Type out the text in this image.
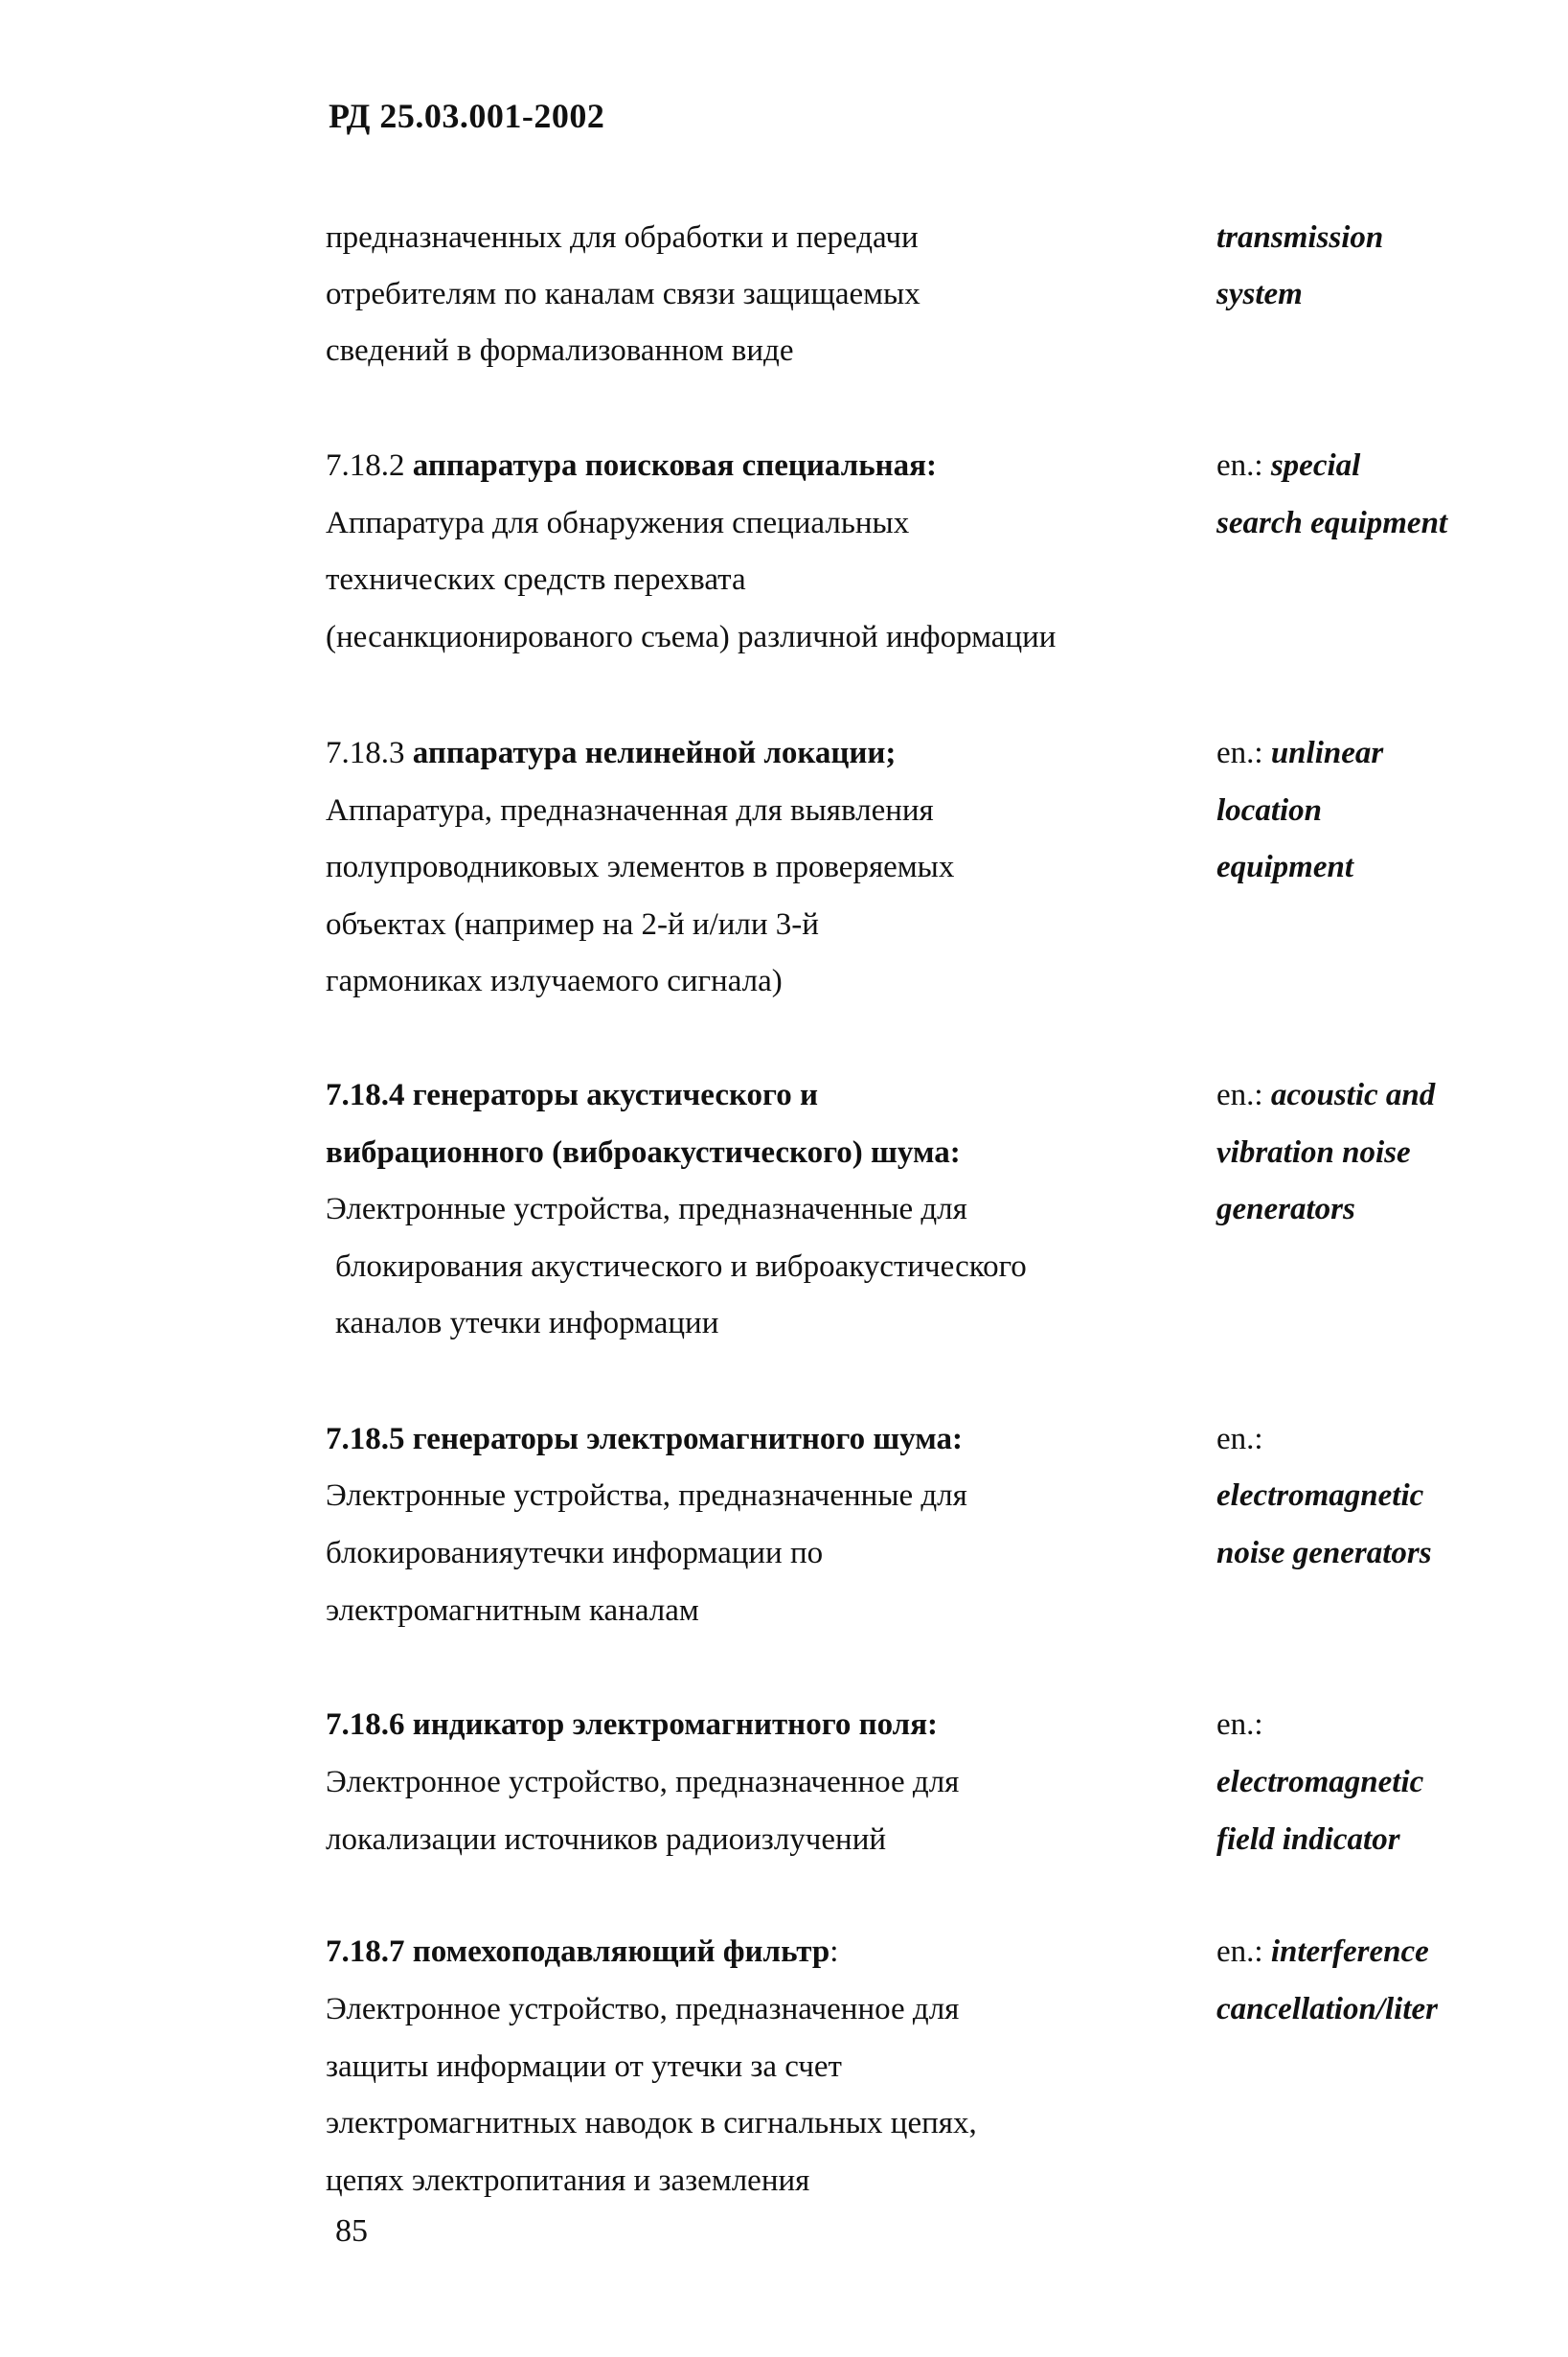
РД 25.03.001-2002
предназначенных для обработки и передачи
отребителям по каналам связи защищаемых
сведений в формализованном виде
transmission
system
7.18.2 аппаратура поисковая специальная:
Аппаратура для обнаружения специальных
технических средств перехвата
(несанкционированого съема) различной информации
en.: special
search equipment
7.18.3 аппаратура нелинейной локации;
Аппаратура, предназначенная для выявления
полупроводниковых элементов в проверяемых
объектах (например на 2-й и/или 3-й
гармониках излучаемого сигнала)
en.: unlinear
location
equipment
7.18.4 генераторы акустического и
вибрационного (виброакустического) шума:
Электронные устройства, предназначенные для
блокирования акустического и виброакустического
каналов утечки информации
en.: acoustic and
vibration noise
generators
7.18.5 генераторы электромагнитного шума:
Электронные устройства, предназначенные для
блокированияутечки информации по
электромагнитным каналам
en.:
electromagnetic
noise generators
7.18.6 индикатор электромагнитного поля:
Электронное устройство, предназначенное для
локализации источников радиоизлучений
en.:
electromagnetic
field indicator
7.18.7 помехоподавляющий фильтр:
Электронное устройство, предназначенное для
защиты информации от утечки за счет
электромагнитных наводок в сигнальных цепях,
цепях электропитания и заземления
en.: interference
cancellation/liter
85
